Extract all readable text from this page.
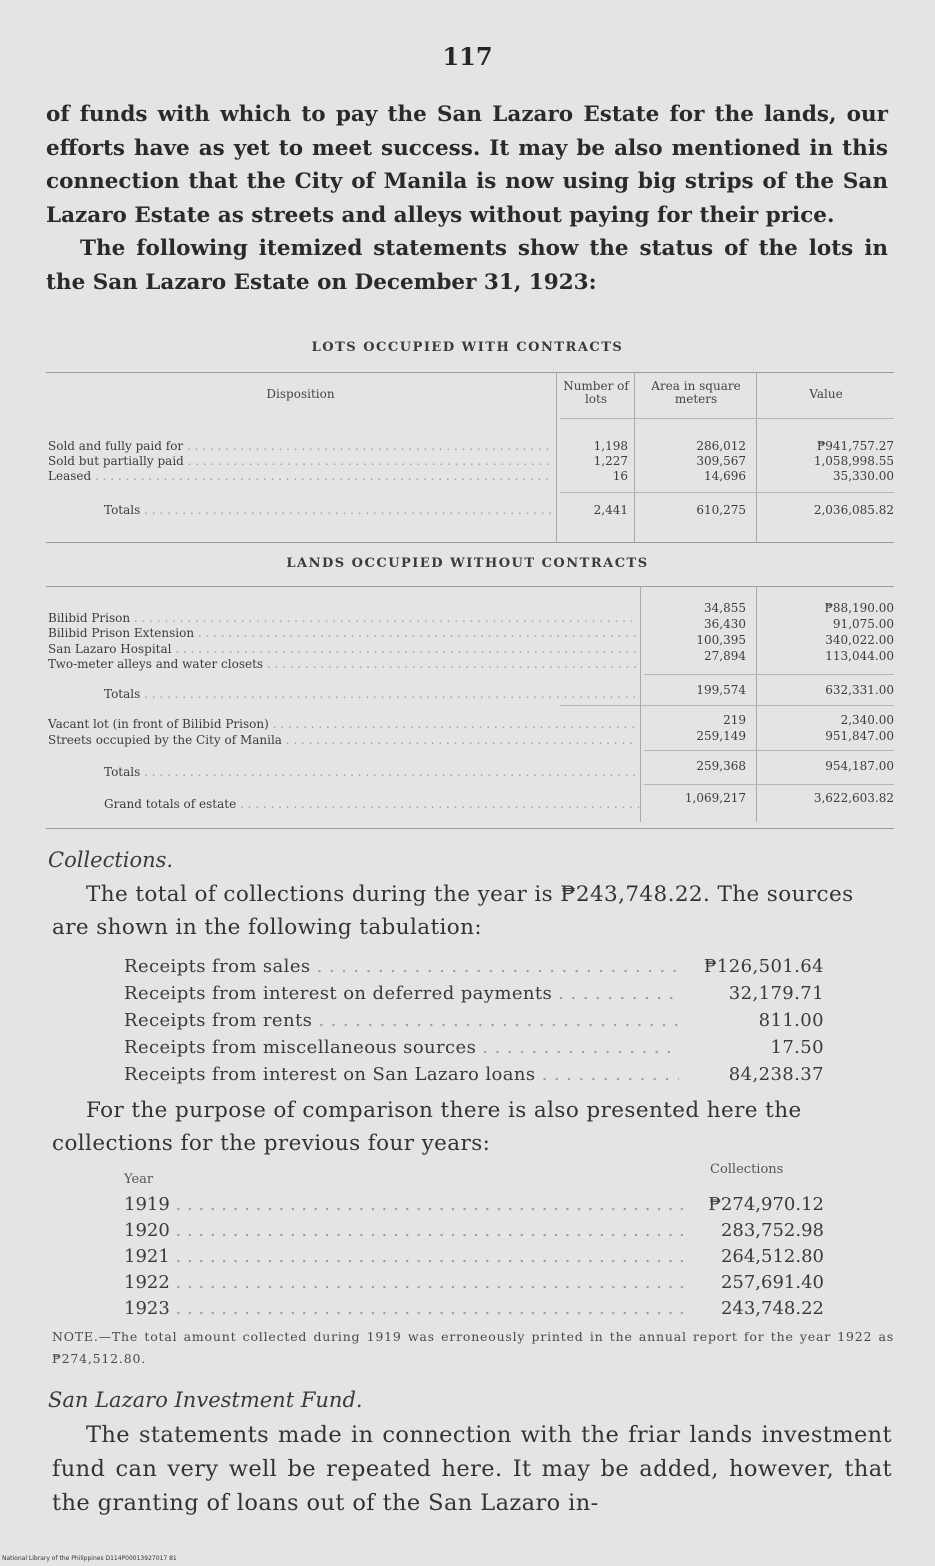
117

of funds with which to pay the San Lazaro Estate for the lands, our efforts have as yet to meet success. It may be also mentioned in this connection that the City of Manila is now using big strips of the San Lazaro Estate as streets and alleys without paying for their price.

The following itemized statements show the status of the lots in the San Lazaro Estate on December 31, 1923:

LOTS OCCUPIED WITH CONTRACTS
Disposition
Number of lots
Area in square meters	Value
Sold and fully paid for . . .	1,198	286,012	₱941,757.27
Sold but partially paid . . .	1,227	309,567	1,058,998.55
Leased . . .	16	14,696	35,330.00
Totals . . .	2,441	610,275	2,036,085.82
LANDS OCCUPIED WITHOUT CONTRACTS
Bilibid Prison . . .
34,855	₱88,190.00
Bilibid Prison Extension . . .
36,430	91,075.00
San Lazaro Hospital . . .
100,395	340,022.00
Two-meter alleys and water closets . . .
27,894	113,044.00
Totals . . .	199,574	632,331.00
Vacant lot (in front of Bilibid Prison) . . .	219	2,340.00
Streets occupied by the City of Manila . . .	259,149	951,847.00
Totals . . .	259,368	954,187.00
Grand totals of estate . . .	1,069,217	3,622,603.82
Collections.

The total of collections during the year is ₱243,748.22. The sources are shown in the following tabulation:

Receipts from sales . . .	₱126,501.64
Receipts from interest on deferred payments . . .	32,179.71
Receipts from rents . . .	811.00
Receipts from miscellaneous sources . . .	17.50
Receipts from interest on San Lazaro loans . . .	84,238.37

For the purpose of comparison there is also presented here the collections for the previous four years:

Year
Collections
1919 . . .	₱274,970.12
1920 . . .	283,752.98
1921 . . .	264,512.80
1922 . . .	257,691.40
1923 . . .	243,748.22
NOTE.—The total amount collected during 1919 was erroneously printed in the annual report for the year 1922 as ₱274,512.80.
San Lazaro Investment Fund.

The statements made in connection with the friar lands investment fund can very well be repeated here. It may be added, however, that the granting of loans out of the San Lazaro in-

National Library of the Philippines D114P00013927017 81
